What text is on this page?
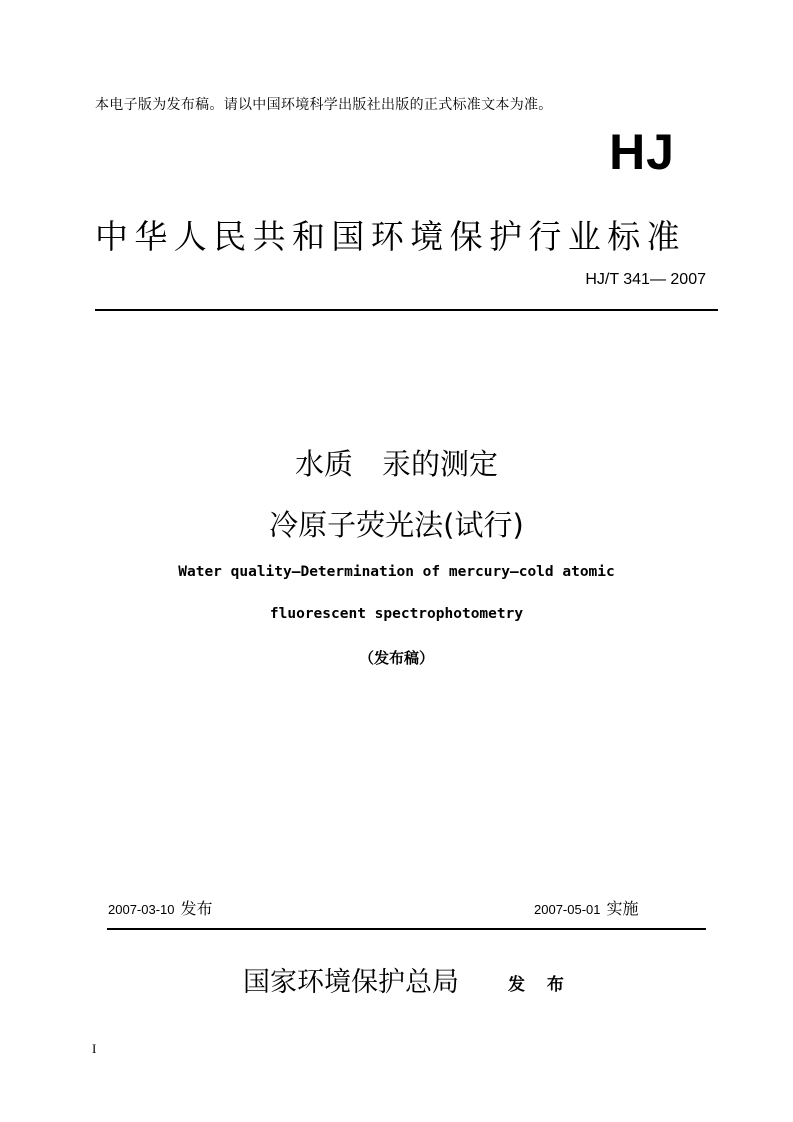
本电子版为发布稿。请以中国环境科学出版社出版的正式标准文本为准。
HJ
中华人民共和国环境保护行业标准
HJ/T 341— 2007
水质　汞的测定
冷原子荧光法(试行)
Water quality—Determination of mercury—cold atomic
fluorescent spectrophotometry
（发布稿）
2007-03-10 发布	2007-05-01 实施
国家环境保护总局	发 布
I
